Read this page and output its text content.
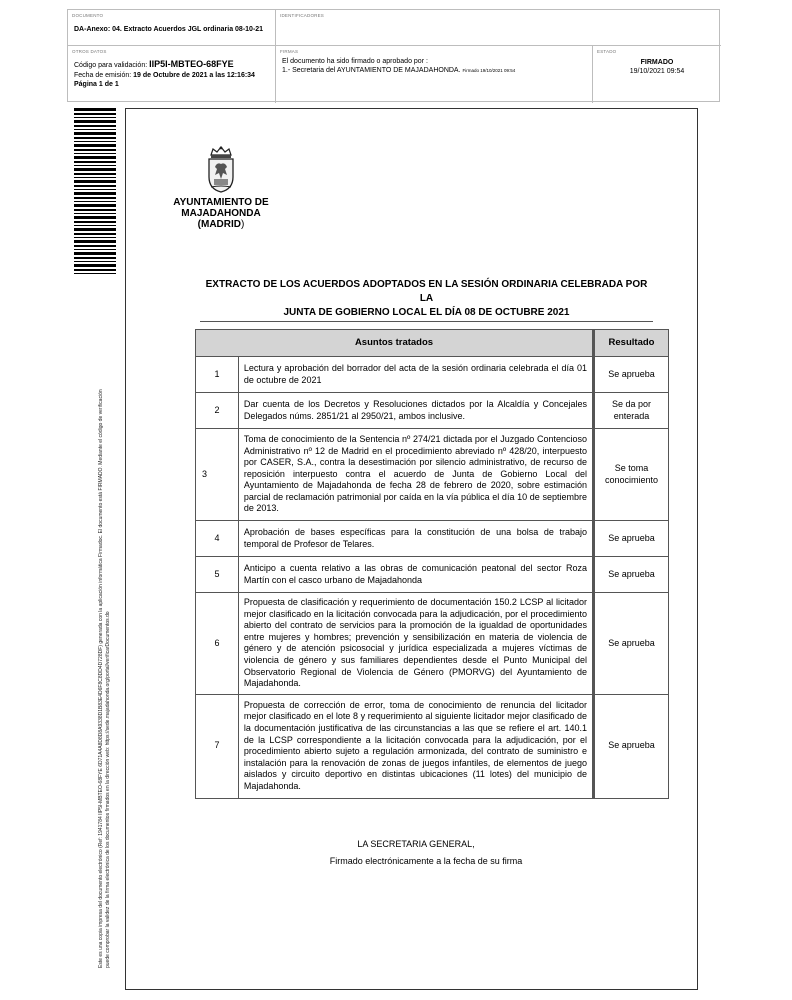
DOCUMENTO
DA-Anexo: 04. Extracto Acuerdos JGL ordinaria 08-10-21
IDENTIFICADORES
OTROS DATOS
Código para validación: IIP5I-MBTEO-68FYE
Fecha de emisión: 19 de Octubre de 2021 a las 12:16:34
Página 1 de 1
FIRMAS
El documento ha sido firmado o aprobado por :
1.- Secretaria del AYUNTAMIENTO DE MAJADAHONDA. Firmado 19/10/2021 09:54
ESTADO
FIRMADO
19/10/2021 09:54
Este es una copia impresa del documento electrónico (Ref: 1941784 IIP5I-MBTEO-68FYE 6D71A4A8D8D8A9338D1B83E4D6F8C8DD4D728DF) generada con la aplicación informática Firmadoc. El documento está FIRMADO. Mediante el código de verificación puede comprobar la validez de la firma electrónica de los documentos firmados en la dirección web: https://sede.majadahonda.org/portal/verificarDocumentos.do
AYUNTAMIENTO DE
MAJADAHONDA
(MADRID)
EXTRACTO DE LOS ACUERDOS ADOPTADOS EN LA SESIÓN ORDINARIA CELEBRADA POR LA
JUNTA DE GOBIERNO LOCAL EL DÍA 08 DE OCTUBRE 2021
Asuntos tratados		Resultado
1	Lectura y aprobación del borrador del acta de la sesión ordinaria celebrada el día 01 de octubre de 2021	Se aprueba
2	Dar cuenta de los Decretos y Resoluciones dictados por la Alcaldía y Concejales Delegados núms. 2851/21 al 2950/21, ambos inclusive.	Se da por enterada
3	Toma de conocimiento de la Sentencia nº 274/21 dictada por el Juzgado Contencioso Administrativo nº 12 de Madrid en el procedimiento abreviado nº 428/20, interpuesto por CASER, S.A., contra la desestimación por silencio administrativo, de recurso de reposición interpuesto contra el acuerdo de Junta de Gobierno Local del Ayuntamiento de Majadahonda de fecha 28 de febrero de 2020, sobre estimación parcial de reclamación patrimonial por caída en la vía pública el día 10 de septiembre de 2013.	Se toma conocimiento
4	Aprobación de bases específicas para la constitución de una bolsa de trabajo temporal de Profesor de Telares.	Se aprueba
5	Anticipo a cuenta relativo a las obras de comunicación peatonal del sector Roza Martín con el casco urbano de Majadahonda	Se aprueba
6	Propuesta de clasificación y requerimiento de documentación 150.2 LCSP al licitador mejor clasificado en la licitación convocada para la adjudicación, por el procedimiento abierto del contrato de servicios para la promoción de la igualdad de oportunidades entre mujeres y hombres; prevención y sensibilización en materia de violencia de género y de atención psicosocial y jurídica especializada a mujeres víctimas de violencia de género y sus familiares dependientes desde el Punto Municipal del Observatorio Regional de Violencia de Género (PMORVG) del Ayuntamiento de Majadahonda.	Se aprueba
7	Propuesta de corrección de error, toma de conocimiento de renuncia del licitador mejor clasificado en el lote 8 y requerimiento al siguiente licitador mejor clasificado de la documentación justificativa de las circunstancias a las que se refiere el art. 140.1 de la LCSP correspondiente a la licitación convocada para la adjudicación, por el procedimiento abierto sujeto a regulación armonizada, del contrato de suministro e instalación para la renovación de zonas de juegos infantiles, de elementos de juego aislados y circuito deportivo en distintas ubicaciones (11 lotes) del municipio de Majadahonda.	Se aprueba
LA SECRETARIA GENERAL,
Firmado electrónicamente a la fecha de su firma
